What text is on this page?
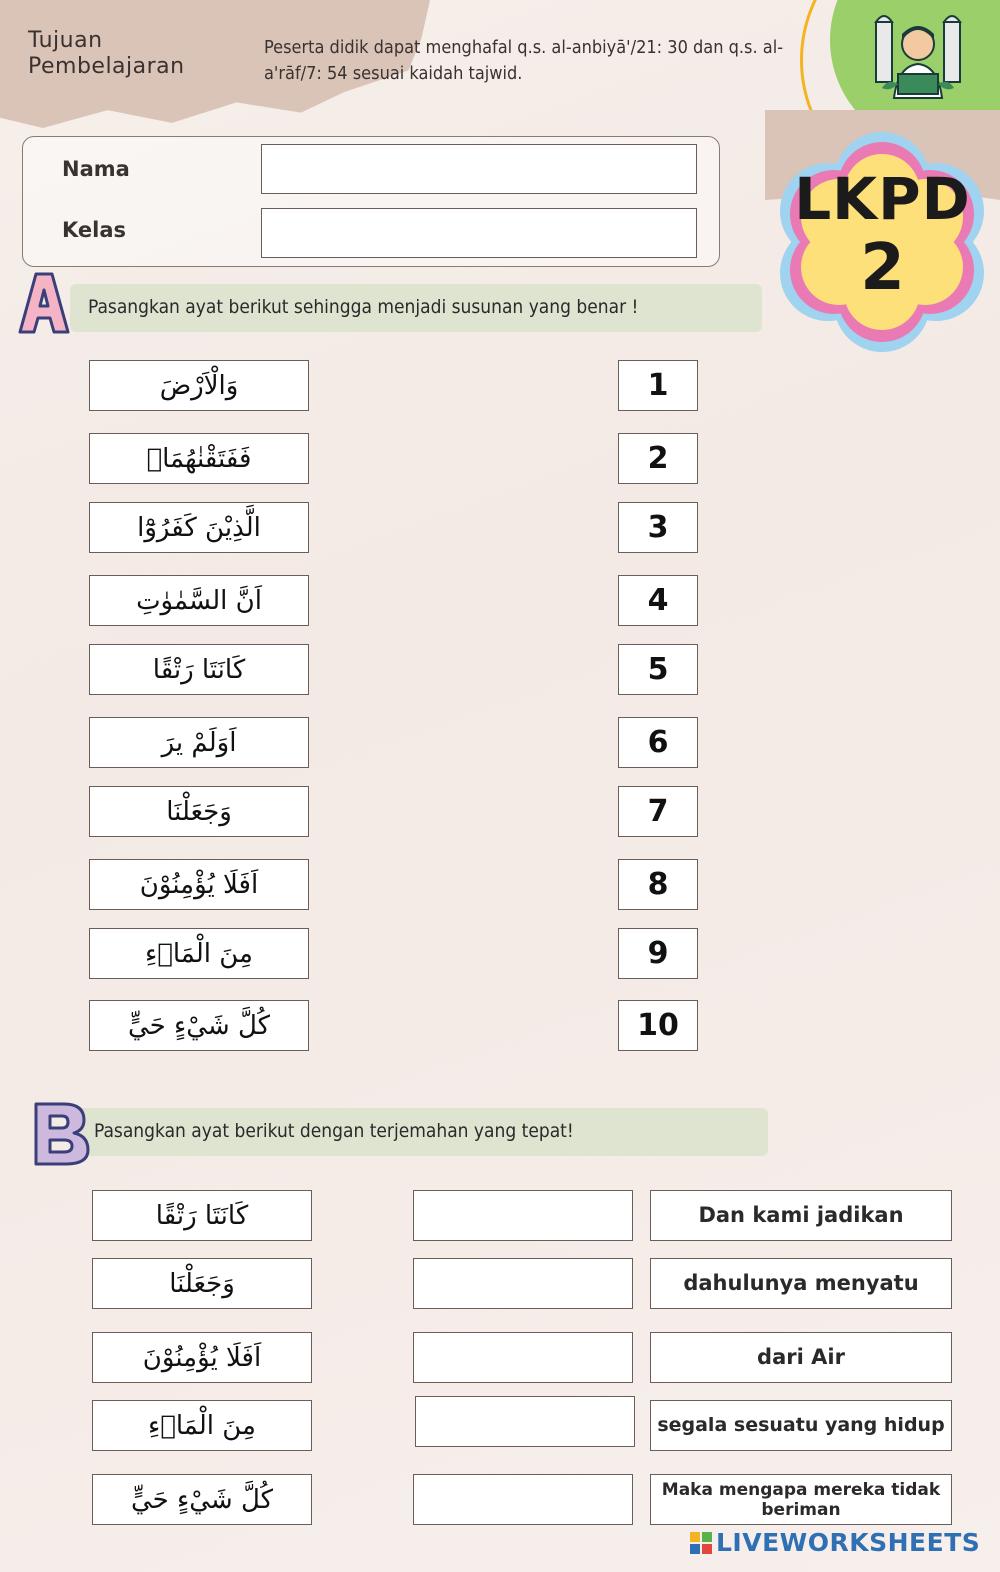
Tujuan
Pembelajaran
Peserta didik dapat menghafal q.s. al-anbiyā'/21: 30 dan q.s. al-a'rāf/7: 54 sesuai kaidah tajwid.
LKPD
2
Nama
Kelas
Pasangkan ayat berikut sehingga menjadi susunan yang benar !
وَالْاَرْضَ	1
فَفَتَقْنٰهُمَاۗ	2
الَّذِيْنَ كَفَرُوْٓا	3
اَنَّ السَّمٰوٰتِ	4
كَانَتَا رَتْقًا	5
اَوَلَمْ يرَ	6
وَجَعَلْنَا	7
اَفَلَا يُؤْمِنُوْنَ	8
مِنَ الْمَاۤءِ	9
كُلَّ شَيْءٍ حَيٍّ	10
Pasangkan ayat berikut dengan terjemahan yang tepat!
كَانَتَا رَتْقًا	Dan kami jadikan
وَجَعَلْنَا	dahulunya menyatu
اَفَلَا يُؤْمِنُوْنَ	dari Air
مِنَ الْمَاۤءِ	segala sesuatu yang hidup
كُلَّ شَيْءٍ حَيٍّ	Maka mengapa mereka tidak beriman
LIVEWORKSHEETS
